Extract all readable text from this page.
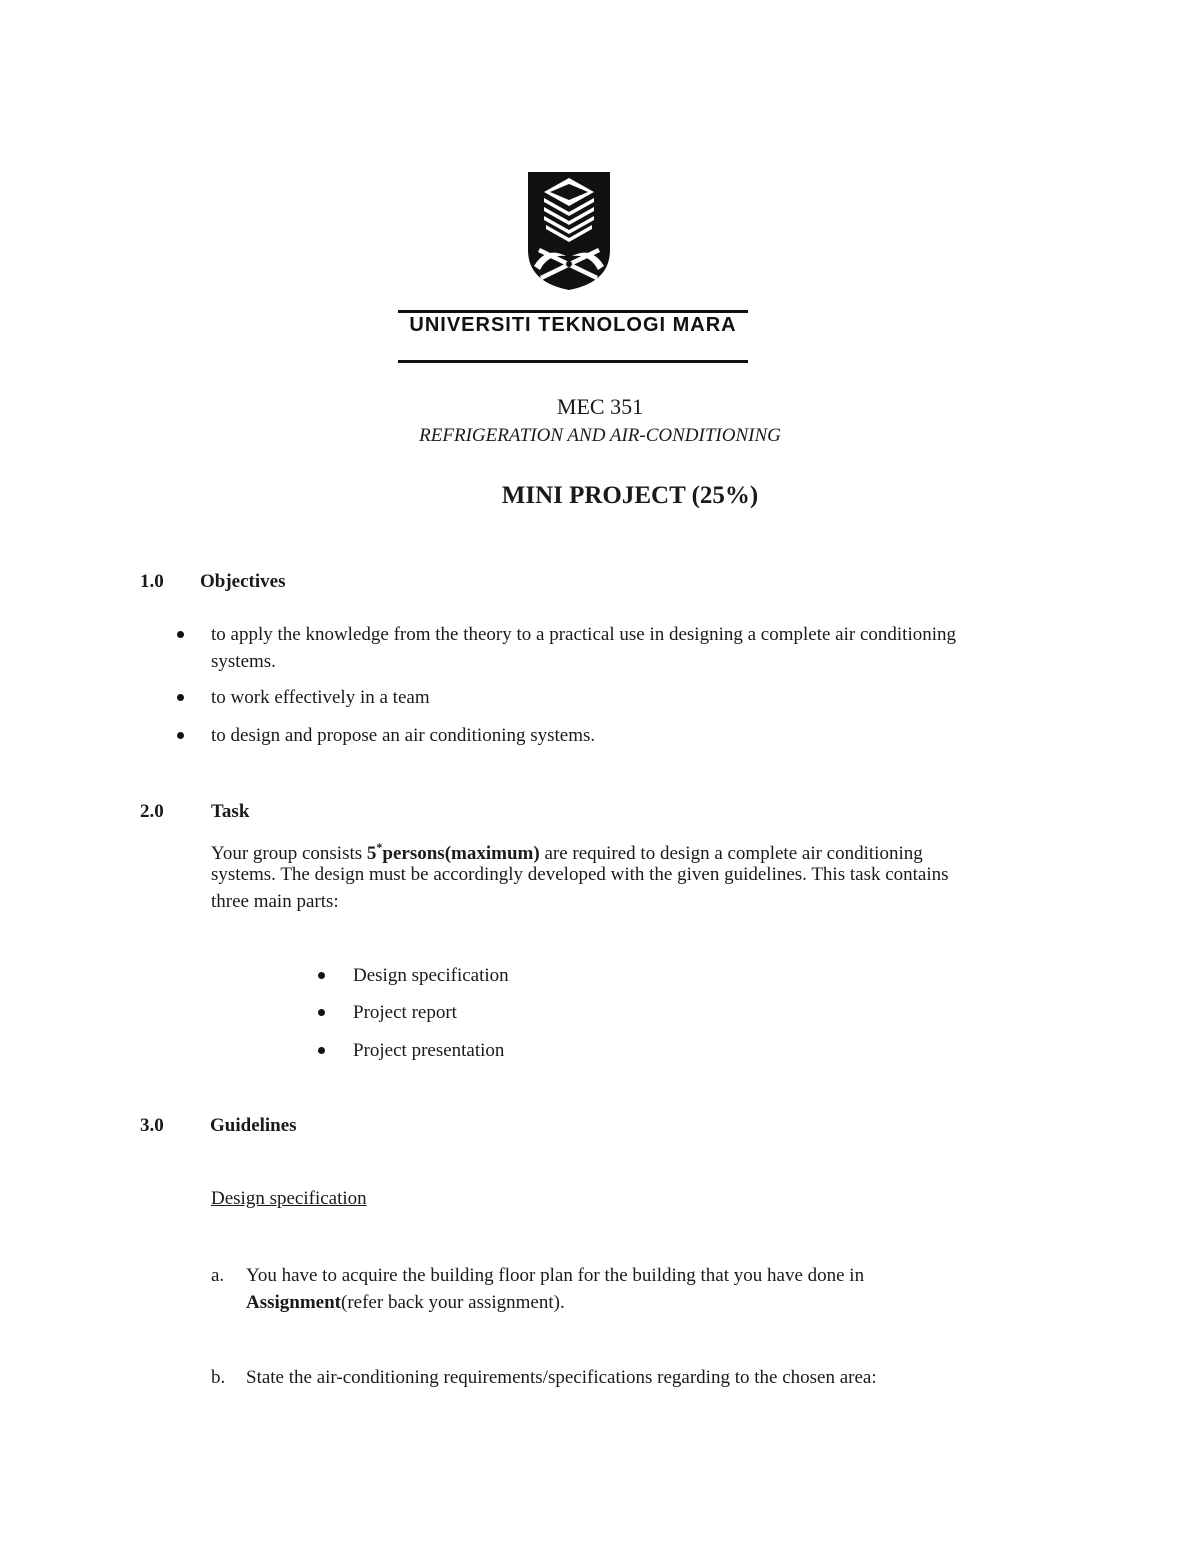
UNIVERSITI TEKNOLOGI MARA
MEC 351
REFRIGERATION AND AIR-CONDITIONING
MINI PROJECT (25%)
1.0 Objectives
to apply the knowledge from the theory to a practical use in designing a complete air conditioning
systems.
to work effectively in a team
to design and propose an air conditioning systems.
2.0 Task
Your group consists 5*persons(maximum) are required to design a complete air conditioning
systems. The design must be accordingly developed with the given guidelines. This task contains
three main parts:
Design specification
Project report
Project presentation
3.0 Guidelines
Design specification
a. You have to acquire the building floor plan for the building that you have done in
Assignment(refer back your assignment).
b. State the air-conditioning requirements/specifications regarding to the chosen area:
